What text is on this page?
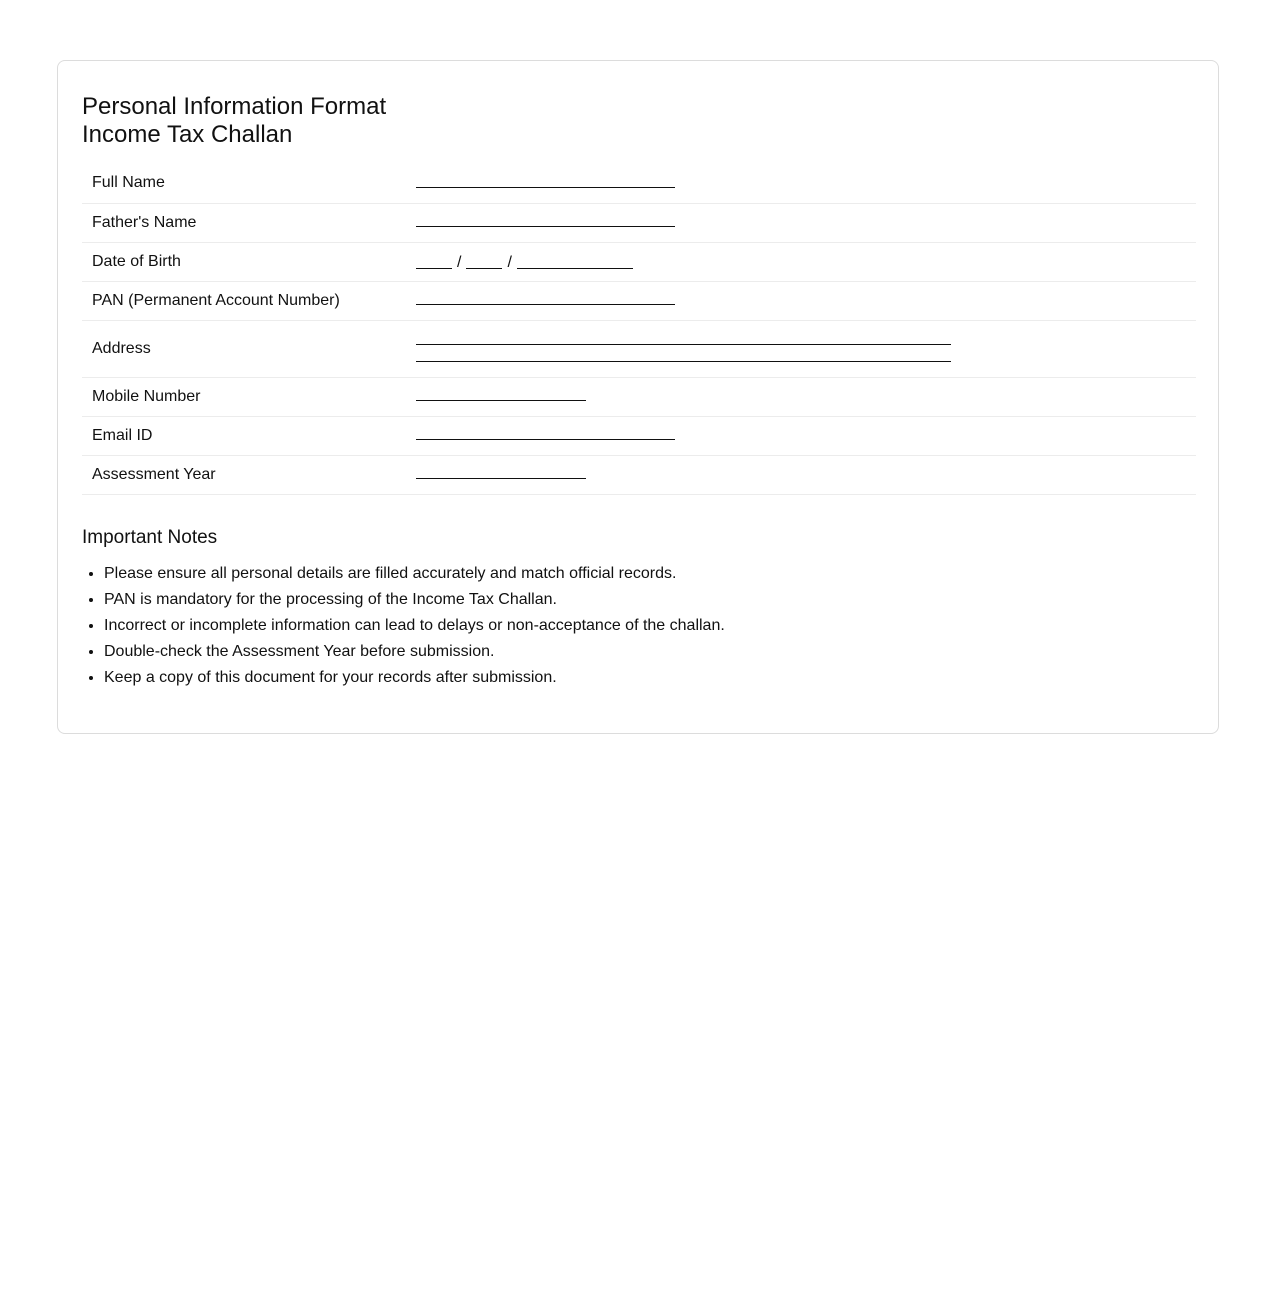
Personal Information Format
Income Tax Challan
Full Name	

Father's Name	

Date of Birth	/ /

PAN (Permanent Account Number)	

Address	

Mobile Number	

Email ID	

Assessment Year	
Important Notes
• Please ensure all personal details are filled accurately and match official records.
• PAN is mandatory for the processing of the Income Tax Challan.
• Incorrect or incomplete information can lead to delays or non-acceptance of the challan.
• Double-check the Assessment Year before submission.
• Keep a copy of this document for your records after submission.
